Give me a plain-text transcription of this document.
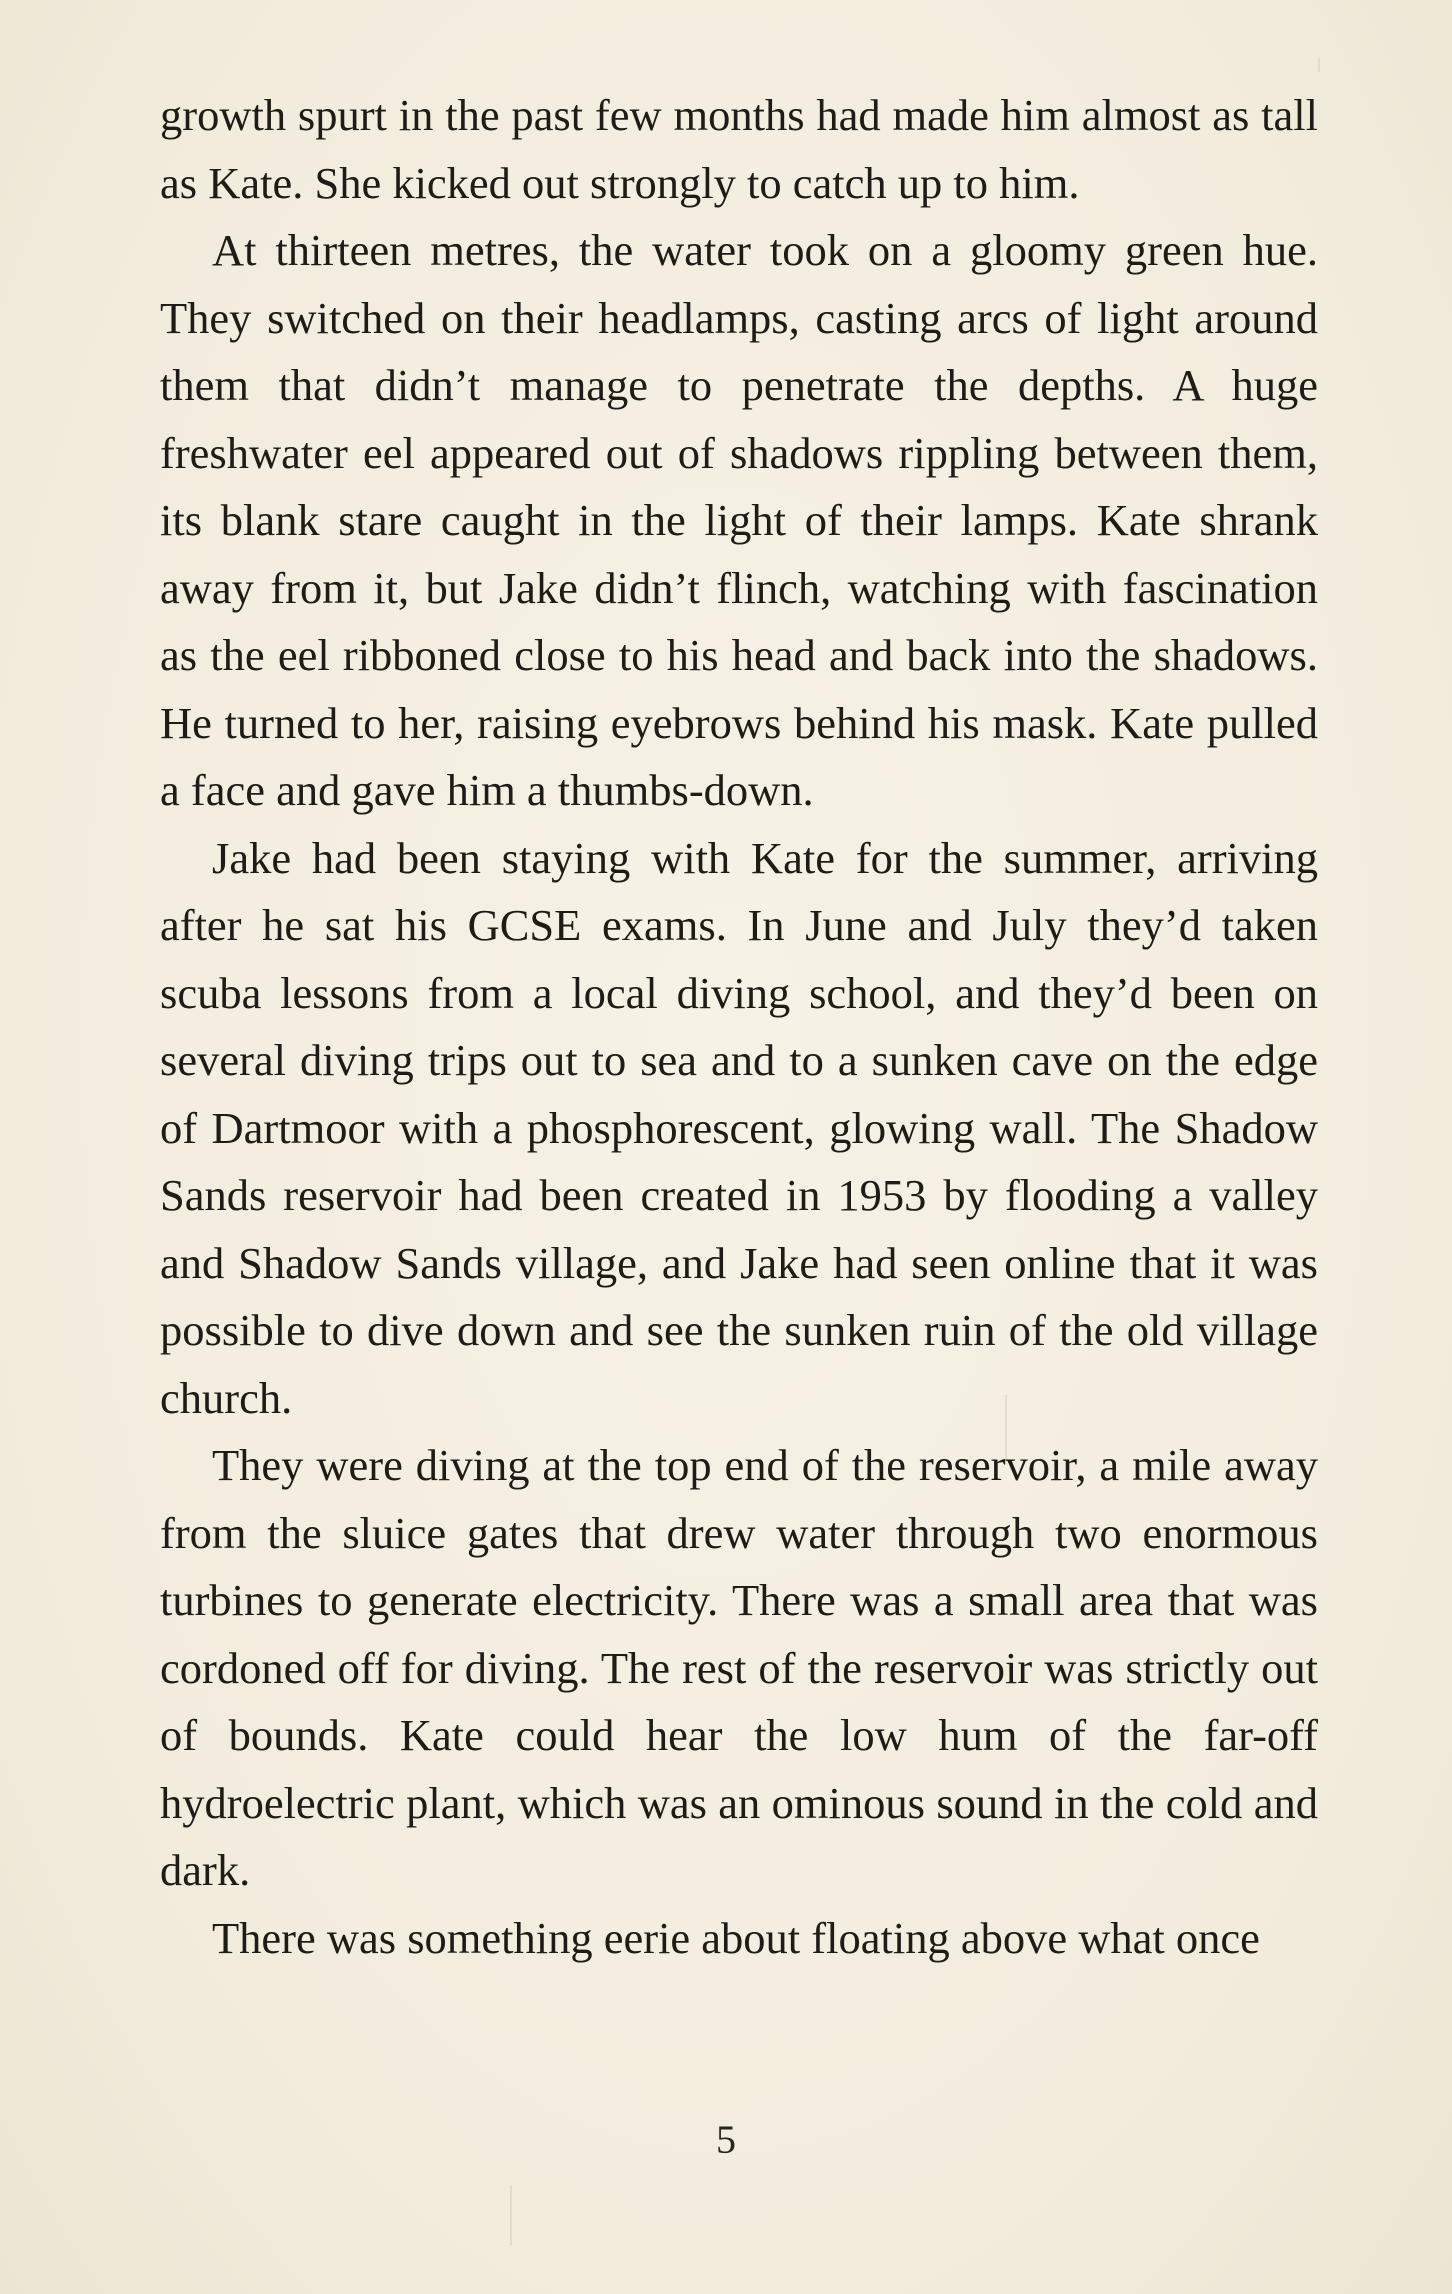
growth spurt in the past few months had made him almost as tall as Kate. She kicked out strongly to catch up to him.

At thirteen metres, the water took on a gloomy green hue. They switched on their headlamps, casting arcs of light around them that didn’t manage to penetrate the depths. A huge freshwater eel appeared out of shadows rippling between them, its blank stare caught in the light of their lamps. Kate shrank away from it, but Jake didn’t flinch, watching with fascination as the eel ribboned close to his head and back into the shadows. He turned to her, raising eyebrows behind his mask. Kate pulled a face and gave him a thumbs-down.

Jake had been staying with Kate for the summer, arriving after he sat his GCSE exams. In June and July they’d taken scuba lessons from a local diving school, and they’d been on several diving trips out to sea and to a sunken cave on the edge of Dartmoor with a phosphorescent, glowing wall. The Shadow Sands reservoir had been created in 1953 by flooding a valley and Shadow Sands village, and Jake had seen online that it was possible to dive down and see the sunken ruin of the old village church.

They were diving at the top end of the reservoir, a mile away from the sluice gates that drew water through two enormous turbines to generate electricity. There was a small area that was cordoned off for diving. The rest of the reservoir was strictly out of bounds. Kate could hear the low hum of the far-off hydroelectric plant, which was an ominous sound in the cold and dark.

There was something eerie about floating above what once

5
